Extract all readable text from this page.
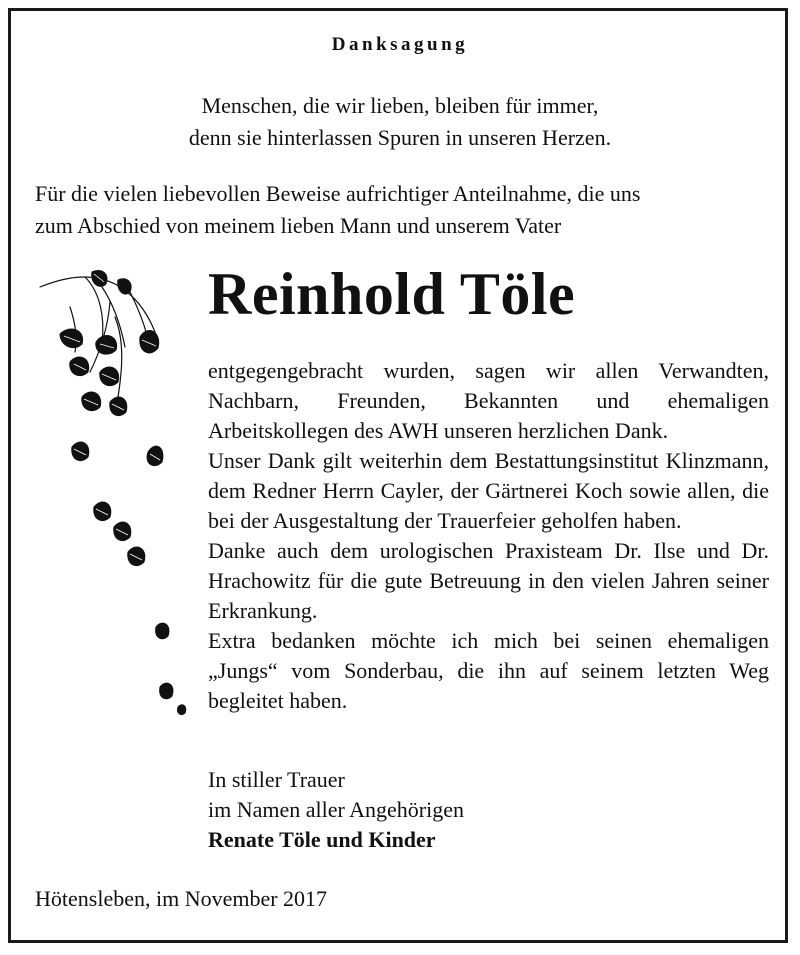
Danksagung
Menschen, die wir lieben, bleiben für immer,
denn sie hinterlassen Spuren in unseren Herzen.
Für die vielen liebevollen Beweise aufrichtiger Anteilnahme, die uns
zum Abschied von meinem lieben Mann und unserem Vater
Reinhold Töle

entgegengebracht wurden, sagen wir allen Verwandten, Nachbarn, Freunden, Bekannten und ehemaligen Arbeitskollegen des AWH unseren herzlichen Dank.

Unser Dank gilt weiterhin dem Bestattungsinstitut Klinzmann, dem Redner Herrn Cayler, der Gärtnerei Koch sowie allen, die bei der Ausgestaltung der Trauerfeier geholfen haben.

Danke auch dem urologischen Praxisteam Dr. Ilse und Dr. Hrachowitz für die gute Betreuung in den vielen Jahren seiner Erkrankung.

Extra bedanken möchte ich mich bei seinen ehemaligen „Jungs“ vom Sonderbau, die ihn auf seinem letzten Weg begleitet haben.

In stiller Trauer
im Namen aller Angehörigen
Renate Töle und Kinder
Hötensleben, im November 2017
